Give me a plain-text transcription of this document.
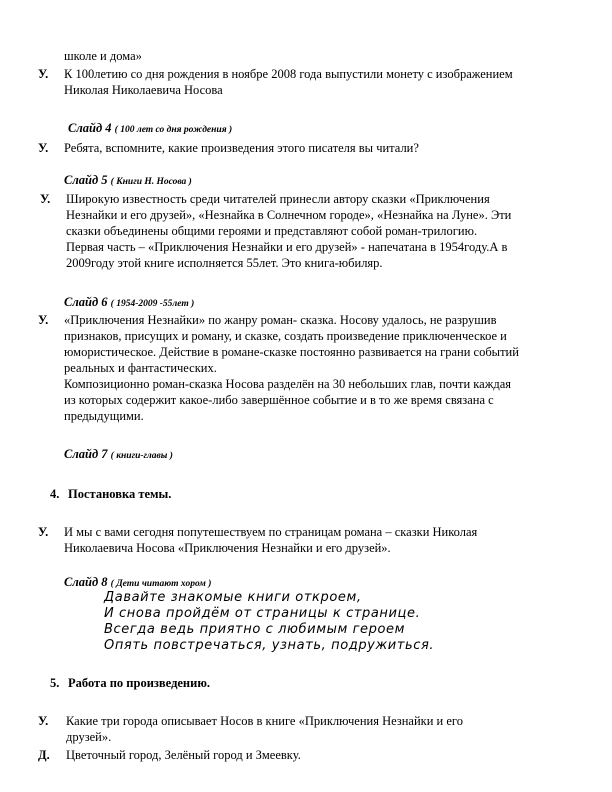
школе и дома»
У. К 100летию со дня рождения в ноябре 2008 года выпустили монету с изображением
Николая Николаевича Носова
Слайд 4 ( 100 лет со дня рождения )
У. Ребята, вспомните, какие произведения этого писателя вы читали?
Слайд 5 ( Книги Н. Носова )
У. Широкую известность среди читателей принесли автору сказки «Приключения
Незнайки и его друзей», «Незнайка в Солнечном городе», «Незнайка на Луне». Эти
сказки объединены общими героями и представляют собой роман-трилогию.
Первая часть – «Приключения Незнайки и его друзей» - напечатана в 1954году.А в
2009году этой книге исполняется 55лет. Это книга-юбиляр.
Слайд 6 ( 1954-2009 -55лет )
У. «Приключения Незнайки» по жанру роман- сказка. Носову удалось, не разрушив
признаков, присущих и роману, и сказке, создать произведение приключенческое и
юмористическое. Действие в романе-сказке постоянно развивается на грани событий
реальных и фантастических.
Композиционно роман-сказка Носова разделён на 30 небольших глав, почти каждая
из которых содержит какое-либо завершённое событие и в то же время связана с
предыдущими.
Слайд 7 ( книги-главы )
4. Постановка темы.
У. И мы с вами сегодня попутешествуем по страницам романа – сказки Николая
Николаевича Носова «Приключения Незнайки и его друзей».
Слайд 8 ( Дети читают хором )
Давайте знакомые книги откроем,
И снова пройдём от страницы к странице.
Всегда ведь приятно с любимым героем
Опять повстречаться, узнать, подружиться.
5. Работа по произведению.
У. Какие три города описывает Носов в книге «Приключения Незнайки и его
друзей».
Д. Цветочный город, Зелёный город и Змеевку.
